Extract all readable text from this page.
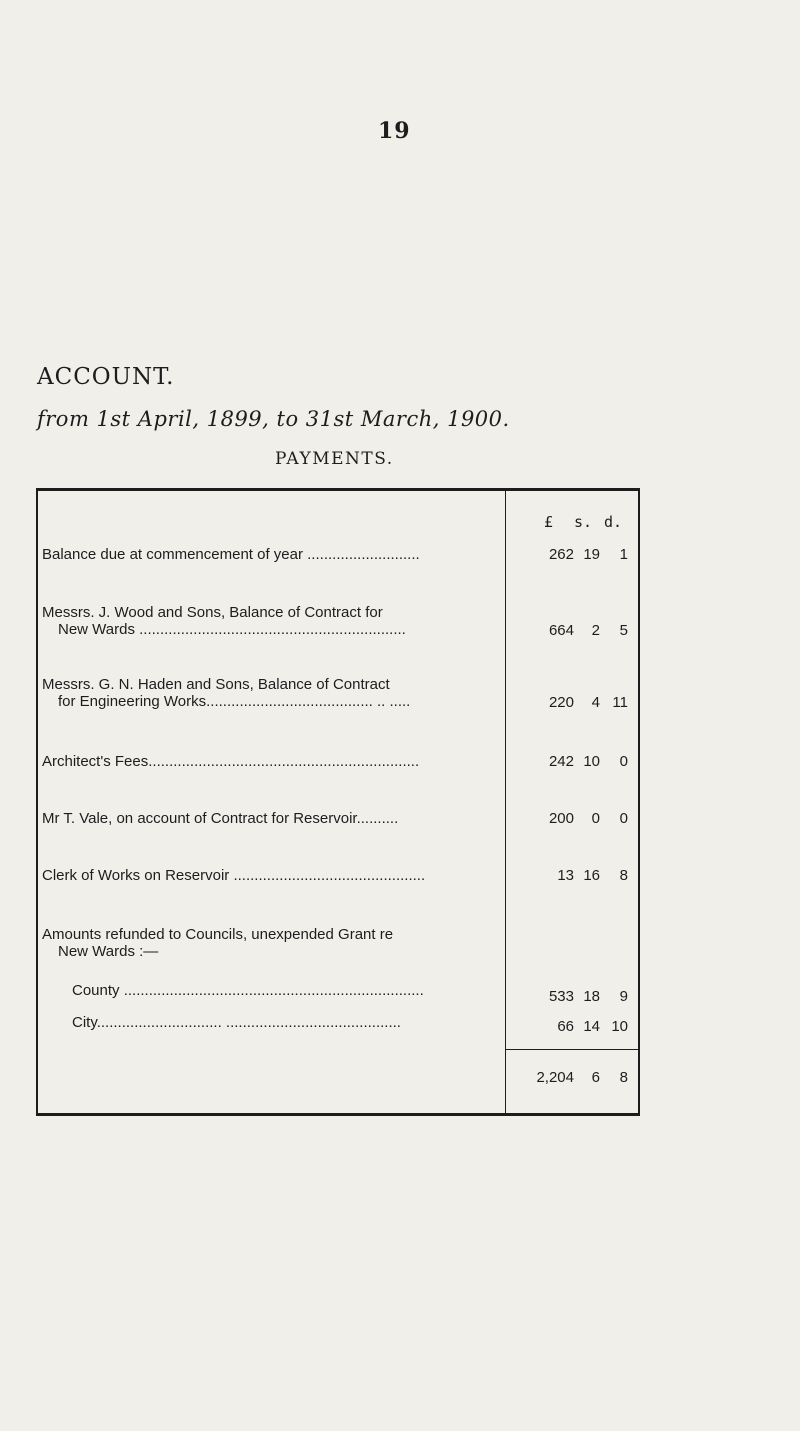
19
ACCOUNT.
from 1st April, 1899, to 31st March, 1900.
PAYMENTS.
£ s. d.
Balance due at commencement of year ...........................	262 19 1
Messrs. J. Wood and Sons, Balance of Contract for
New Wards ................................................................	664 2 5
Messrs. G. N. Haden and Sons, Balance of Contract
for Engineering Works........................................ .. .....	220 4 11
Architect's Fees.................................................................	242 10 0
Mr T. Vale, on account of Contract for Reservoir..........	200 0 0
Clerk of Works on Reservoir ..............................................	13 16 8
Amounts refunded to Councils, unexpended Grant re
New Wards :—
County ........................................................................	533 18 9
City.............................. ..........................................	66 14 10
2,204 6 8
